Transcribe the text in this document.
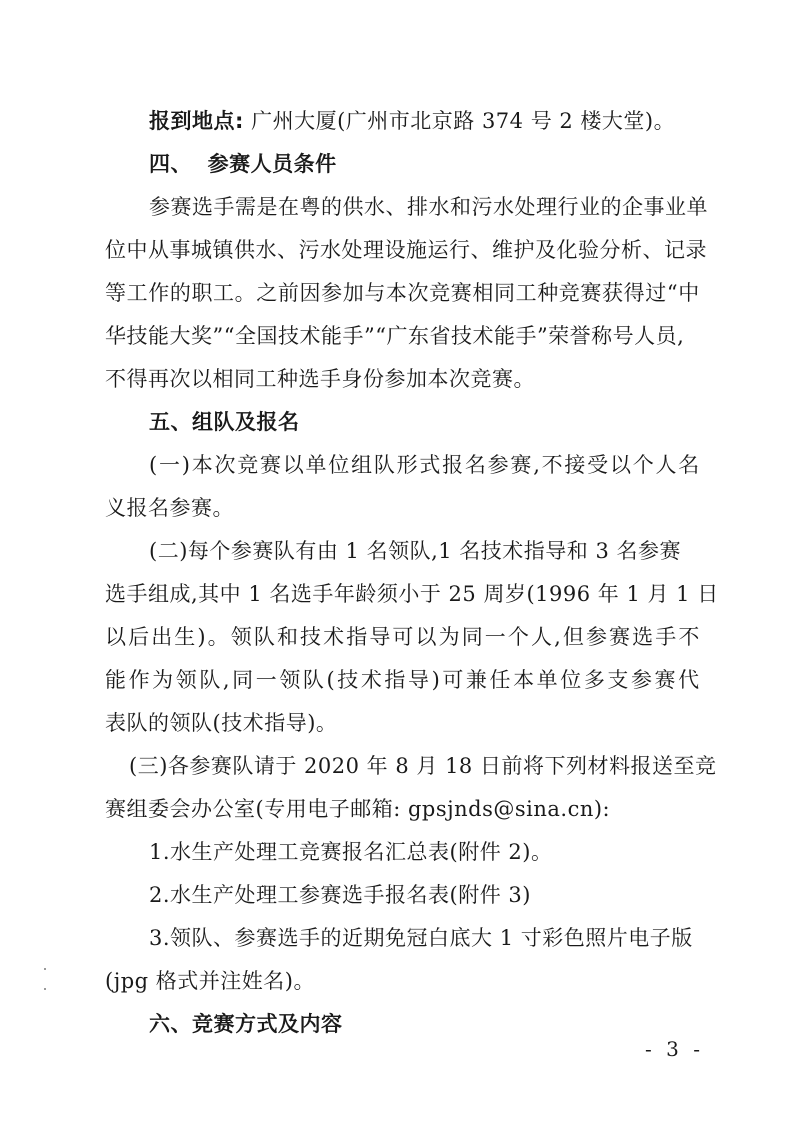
报到地点: 广州大厦(广州市北京路 374 号 2 楼大堂)。
四、  参赛人员条件
参 赛 选 手 需 是 在 粤 的 供 水 、 排 水 和 污 水 处 理 行 业 的 企 事 业 单
位 中 从 事 城 镇 供 水 、 污 水 处 理 设 施 运 行 、 维 护 及 化 验 分 析 、 记 录
等 工 作 的 职 工 。 之 前 因 参 加 与 本 次 竞 赛 相 同 工 种 竞 赛 获 得 过 “ 中
华技能大奖”“全国技术能手”“广东省技术能手”荣誉称号人员,
不得再次以相同工种选手身份参加本次竞赛。
五、组队及报名
( 一 ) 本 次 竞 赛 以 单 位 组 队 形 式 报 名 参 赛 , 不 接 受 以 个 人 名
义报名参赛。
(二)每个参赛队有由 1 名领队,1 名技术指导和 3 名参赛
选手组成,其中 1 名选手年龄须小于 25 周岁(1996 年 1 月 1 日
以 后 出 生 ) 。 领 队 和 技 术 指 导 可 以 为 同 一 个 人 , 但 参 赛 选 手 不
能 作 为 领 队 , 同 一 领 队 ( 技 术 指 导 ) 可 兼 任 本 单 位 多 支 参 赛 代
表队的领队(技术指导)。
(三)各参赛队请于 2020 年 8 月 18 日前将下列材料报送至竞
赛组委会办公室(专用电子邮箱: gpsjnds@sina.cn):
1.水生产处理工竞赛报名汇总表(附件 2)。
2.水生产处理工参赛选手报名表(附件 3)
3.领队、参赛选手的近期免冠白底大 1 寸彩色照片电子版
(jpg 格式并注姓名)。
六、竞赛方式及内容
- 3 -
